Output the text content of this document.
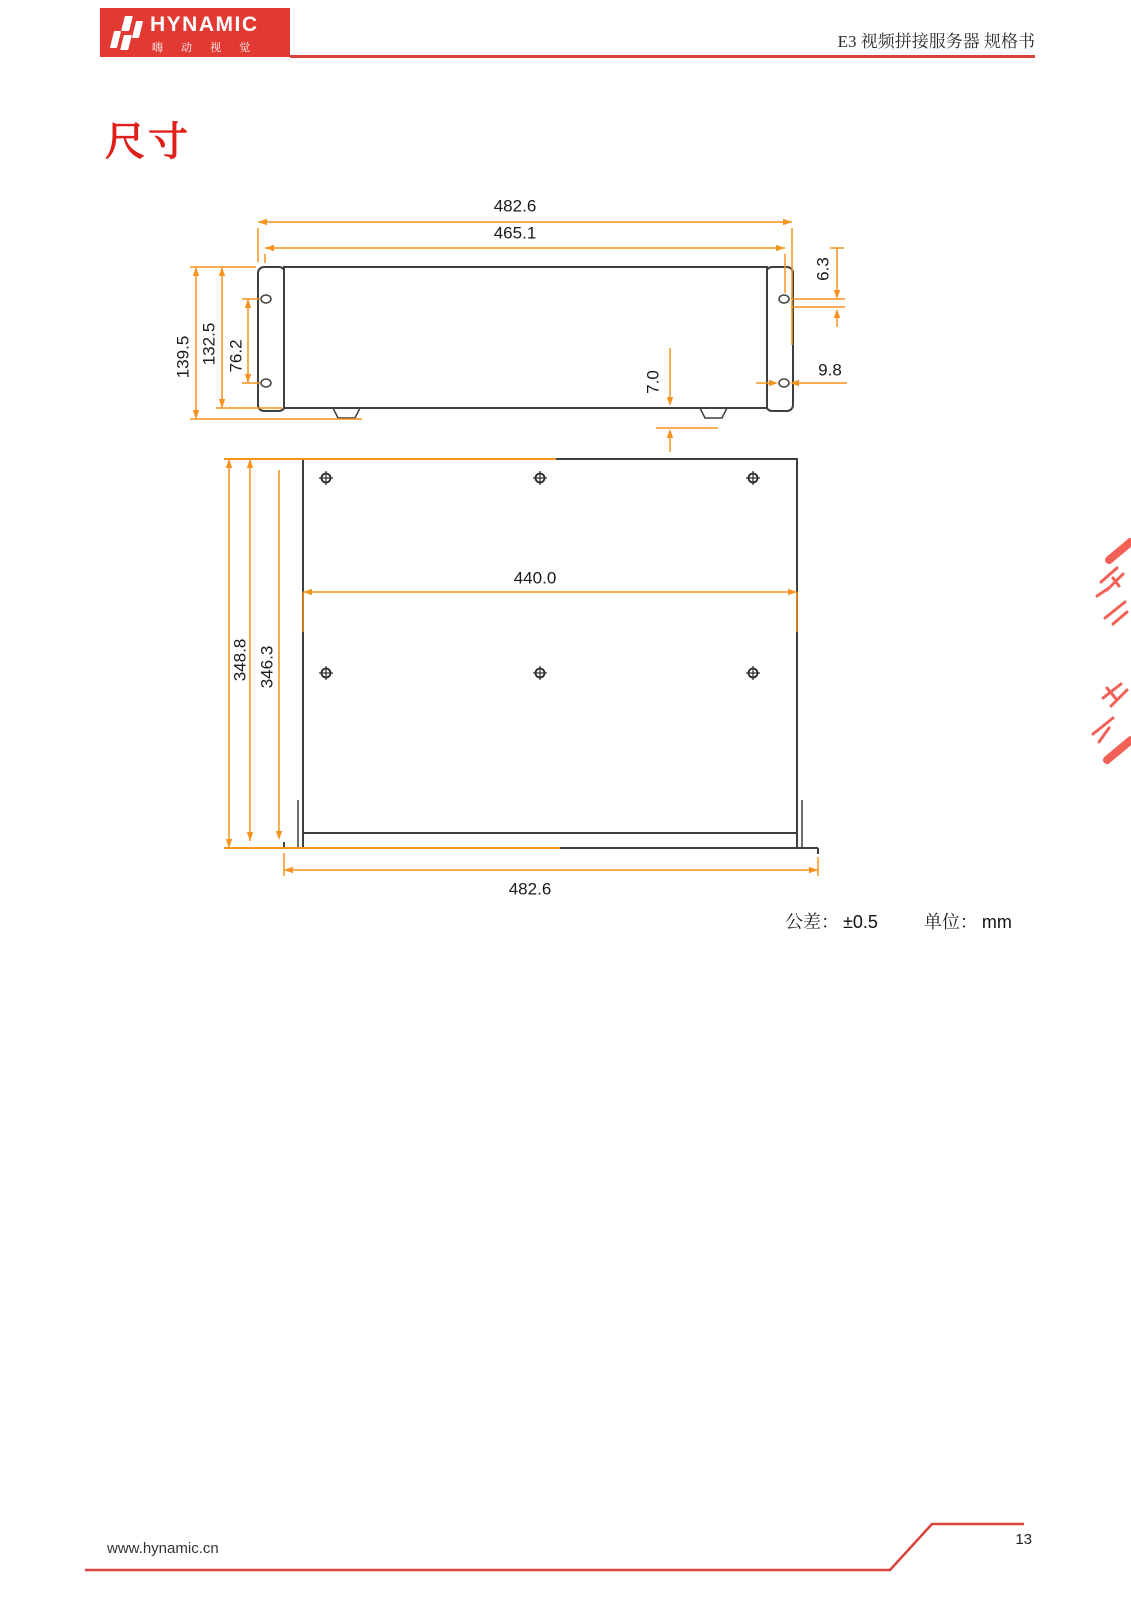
HYNAMIC
嗨 动 视 觉	E3 视频拼接服务器 规格书
尺寸
482.6
465.1
139.5 132.5 76.2
6.3
9.8
7.0
348.8 346.3
440.0
482.6
公差： ±0.5	单位： mm
www.hynamic.cn
13
